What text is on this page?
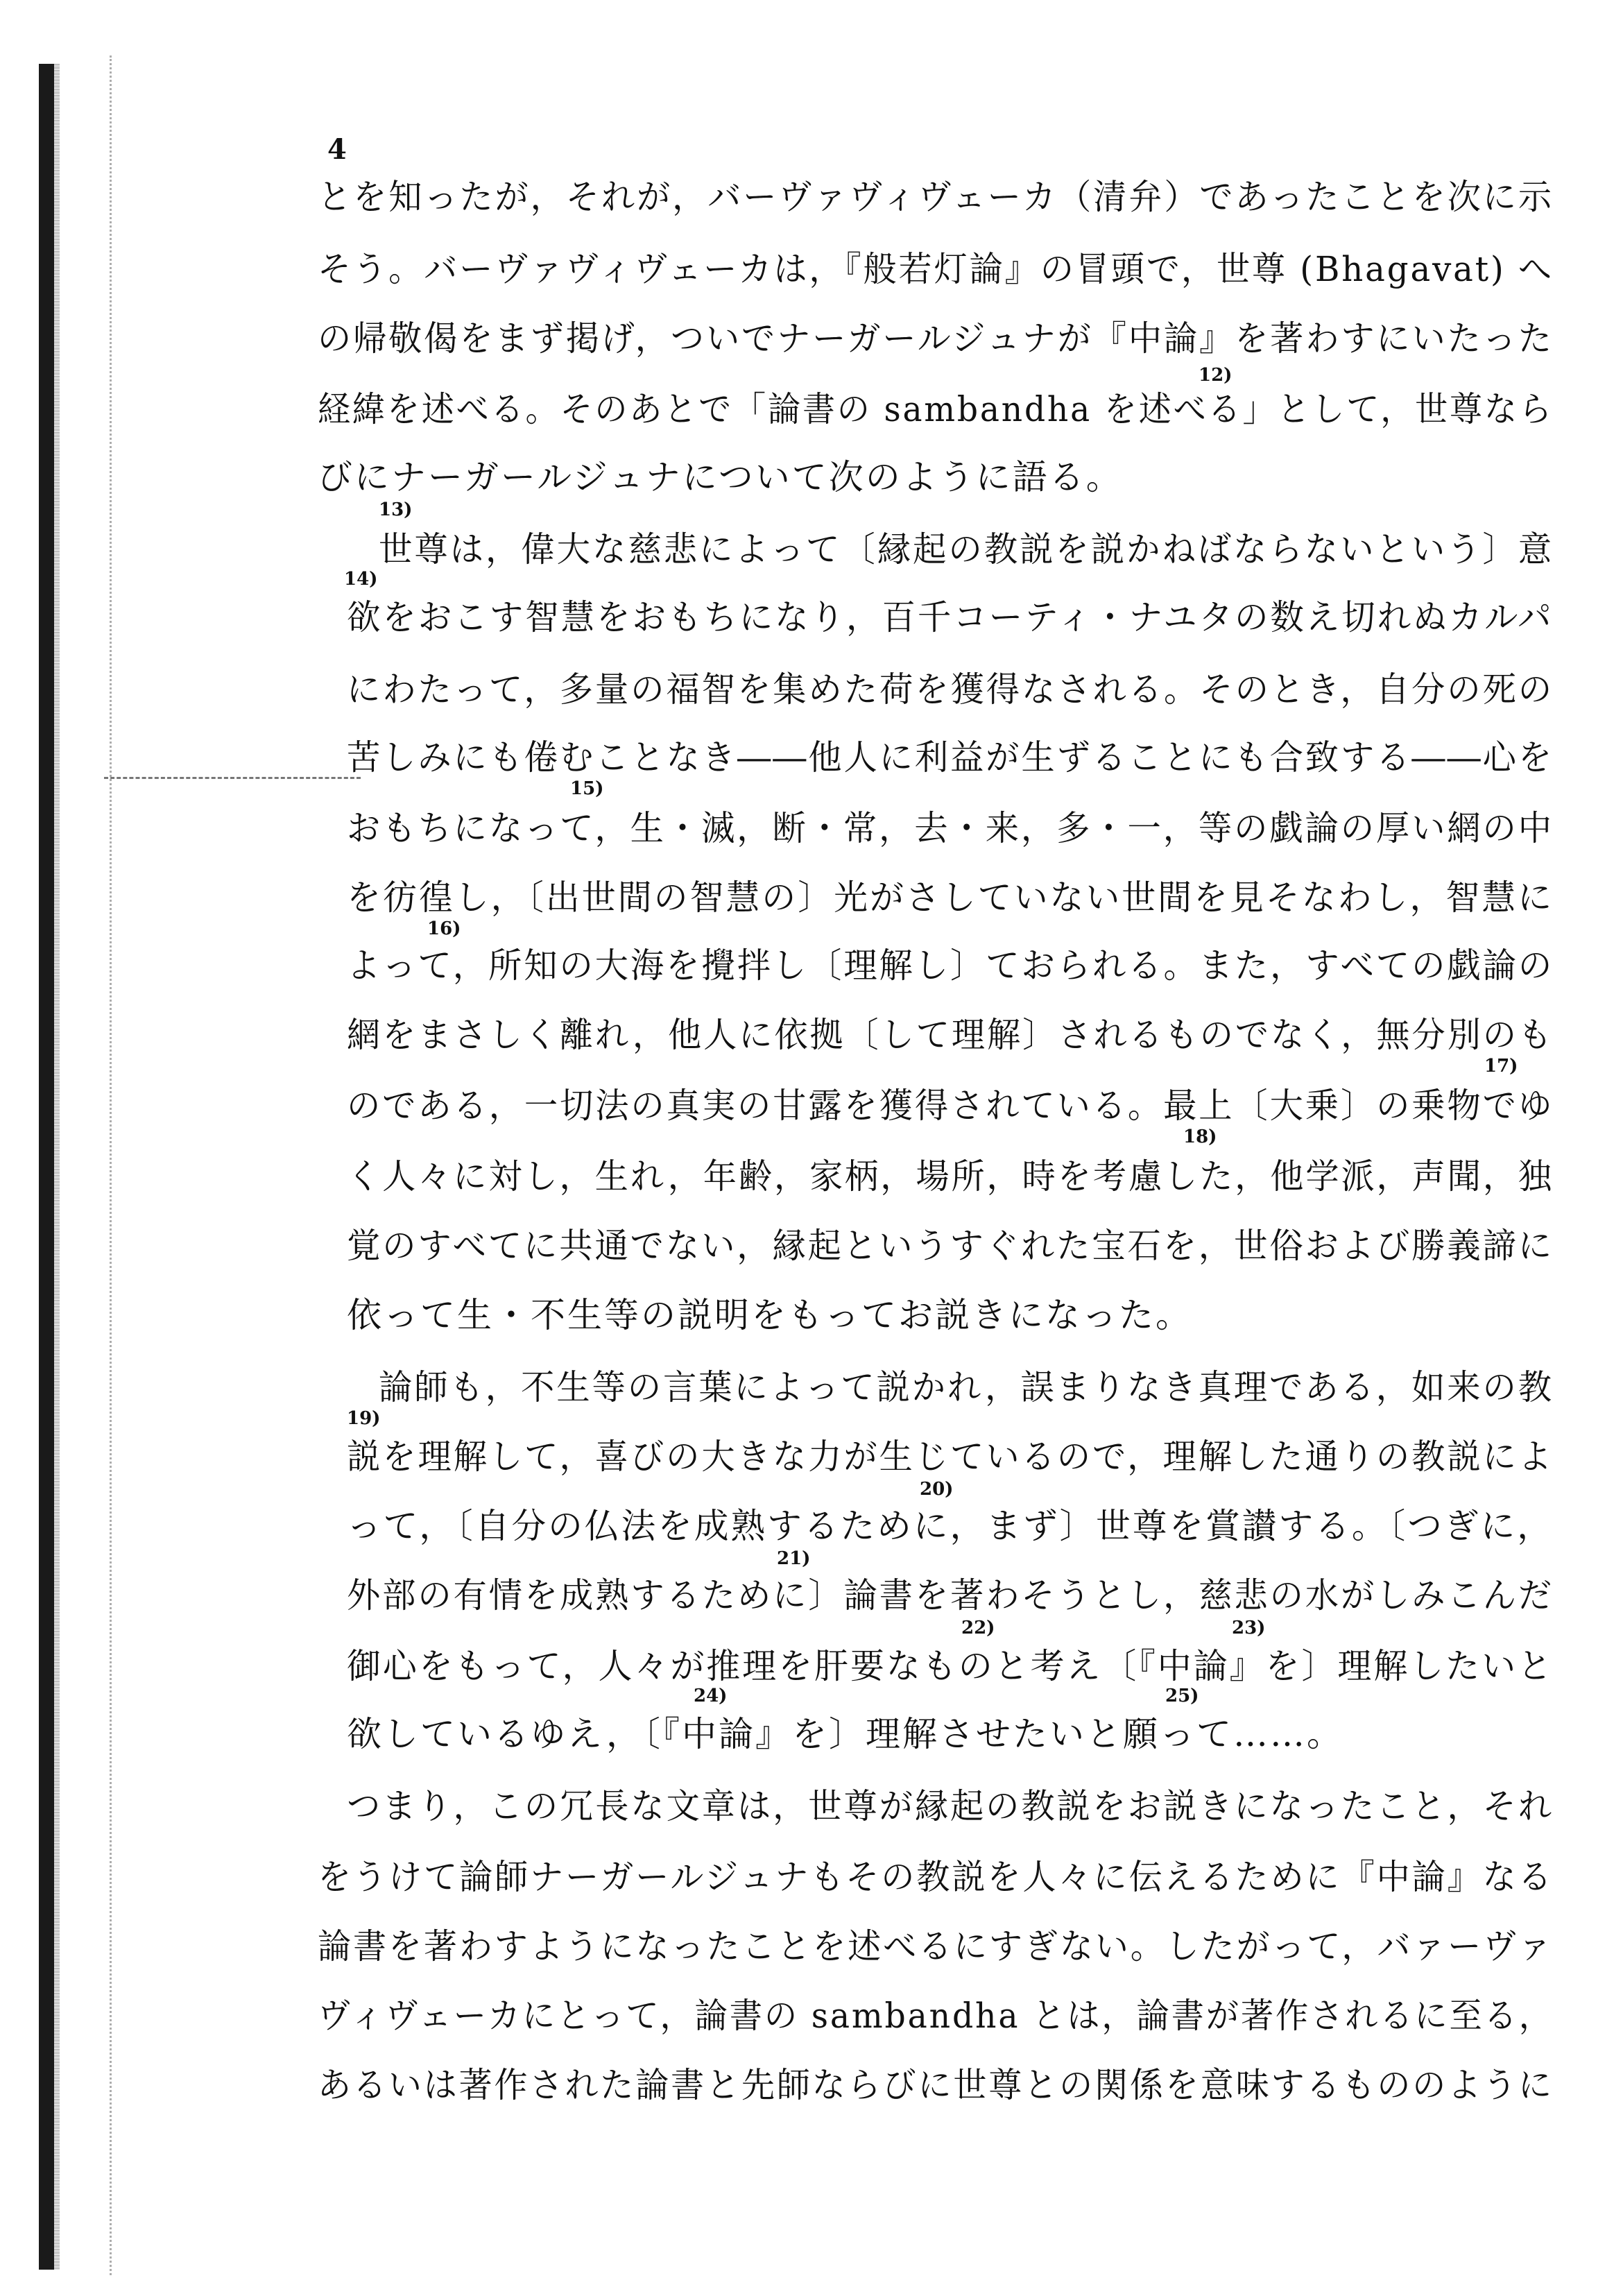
4
とを知ったが，それが，バーヴァヴィヴェーカ（清弁）であったことを次に示
そう。バーヴァヴィヴェーカは，『般若灯論』の冒頭で，世尊 (Bhagavat) へ
の帰敬偈をまず掲げ，ついでナーガールジュナが『中論』を著わすにいたった
経緯を述べる。そのあとで「論書の sambandha を述べる」として，世尊なら
びにナーガールジュナについて次のように語る。
世尊は，偉大な慈悲によって〔縁起の教説を説かねばならないという〕意
欲をおこす智慧をおもちになり，百千コーティ・ナユタの数え切れぬカルパ
にわたって，多量の福智を集めた荷を獲得なされる。そのとき，自分の死の
苦しみにも倦むことなき――他人に利益が生ずることにも合致する――心を
おもちになって，生・滅，断・常，去・来，多・一，等の戯論の厚い網の中
を彷徨し，〔出世間の智慧の〕光がさしていない世間を見そなわし，智慧に
よって，所知の大海を攪拌し〔理解し〕ておられる。また，すべての戯論の
網をまさしく離れ，他人に依拠〔して理解〕されるものでなく，無分別のも
のである，一切法の真実の甘露を獲得されている。最上〔大乗〕の乗物でゆ
く人々に対し，生れ，年齢，家柄，場所，時を考慮した，他学派，声聞，独
覚のすべてに共通でない，縁起というすぐれた宝石を，世俗および勝義諦に
依って生・不生等の説明をもってお説きになった。
論師も，不生等の言葉によって説かれ，誤まりなき真理である，如来の教
説を理解して，喜びの大きな力が生じているので，理解した通りの教説によ
って，〔自分の仏法を成熟するために，まず〕世尊を賞讃する。〔つぎに，
外部の有情を成熟するために〕論書を著わそうとし，慈悲の水がしみこんだ
御心をもって，人々が推理を肝要なものと考え〔『中論』を〕理解したいと
欲しているゆえ，〔『中論』を〕理解させたいと願って……。
つまり，この冗長な文章は，世尊が縁起の教説をお説きになったこと，それ
をうけて論師ナーガールジュナもその教説を人々に伝えるために『中論』なる
論書を著わすようになったことを述べるにすぎない。したがって，バァーヴァ
ヴィヴェーカにとって，論書の sambandha とは，論書が著作されるに至る，
あるいは著作された論書と先師ならびに世尊との関係を意味するもののように
12)
13)
14)
15)
16)
17)
18)
19)
20)
21)
22)	23)
24)	25)
